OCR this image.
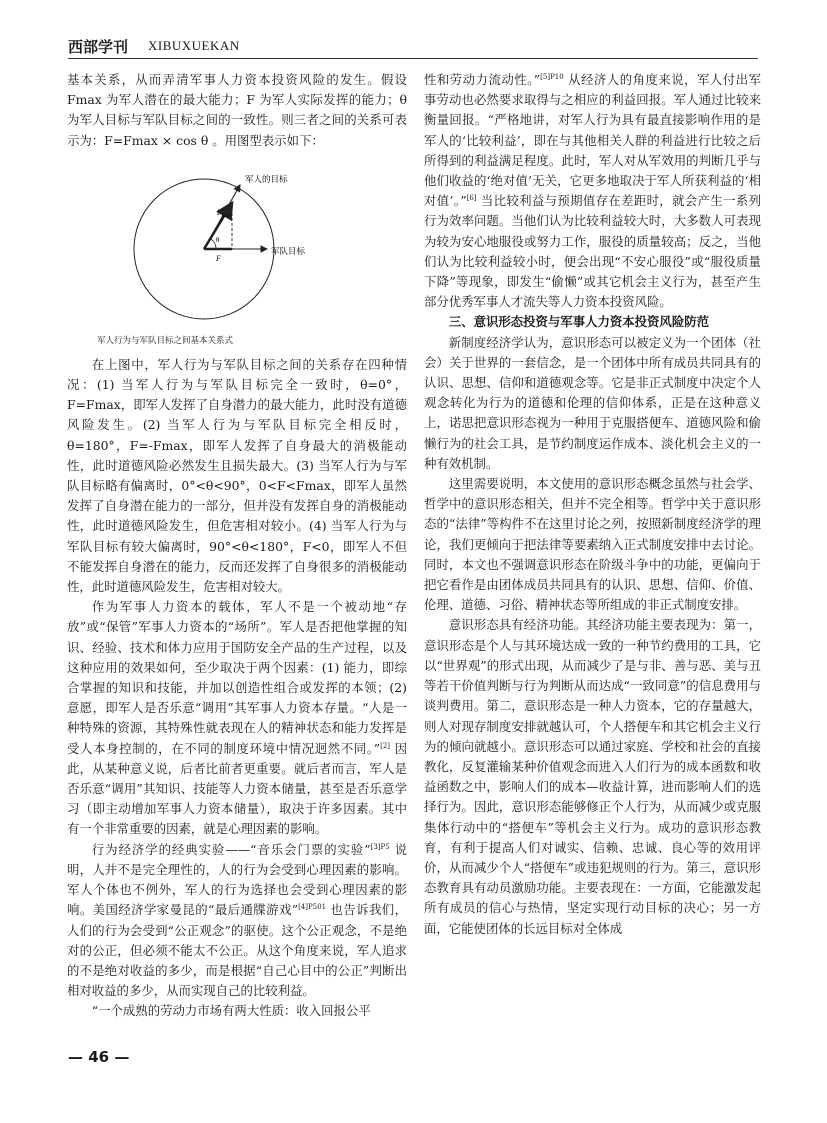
西部学刊 XIBUXUEKAN

基本关系，从而弄清军事人力资本投资风险的发生。假设 Fmax 为军人潜在的最大能力；F 为军人实际发挥的能力；θ 为军人目标与军队目标之间的一致性。则三者之间的关系可表示为：F=Fmax × cos θ 。用图型表示如下：

军人的目标
军队目标
$F_{max}$
θ
F
军人行为与军队目标之间基本关系式

在上图中，军人行为与军队目标之间的关系存在四种情况：(1) 当军人行为与军队目标完全一致时，θ=0°，F=Fmax，即军人发挥了自身潜力的最大能力，此时没有道德风险发生。(2) 当军人行为与军队目标完全相反时，θ=180°，F=-Fmax，即军人发挥了自身最大的消极能动性，此时道德风险必然发生且损失最大。(3) 当军人行为与军队目标略有偏离时，0°<θ<90°，0<F<Fmax，即军人虽然发挥了自身潜在能力的一部分，但并没有发挥自身的消极能动性，此时道德风险发生，但危害相对较小。(4) 当军人行为与军队目标有较大偏离时，90°<θ<180°，F<0，即军人不但不能发挥自身潜在的能力，反而还发挥了自身很多的消极能动性，此时道德风险发生，危害相对较大。

作为军事人力资本的载体，军人不是一个被动地“存放”或“保管”军事人力资本的“场所”。军人是否把他掌握的知识、经验、技术和体力应用于国防安全产品的生产过程，以及这种应用的效果如何，至少取决于两个因素：(1) 能力，即综合掌握的知识和技能，并加以创造性组合或发挥的本领；(2) 意愿，即军人是否乐意“调用”其军事人力资本存量。“人是一种特殊的资源，其特殊性就表现在人的精神状态和能力发挥是受人本身控制的，在不同的制度环境中情况迥然不同。”[2] 因此，从某种意义说，后者比前者更重要。就后者而言，军人是否乐意“调用”其知识、技能等人力资本储量，甚至是否乐意学习（即主动增加军事人力资本储量），取决于许多因素。其中有一个非常重要的因素，就是心理因素的影响。

行为经济学的经典实验——“音乐会门票的实验”$^{[3]P5}$ 说明，人并不是完全理性的，人的行为会受到心理因素的影响。军人个体也不例外，军人的行为选择也会受到心理因素的影响。美国经济学家曼昆的“最后通牒游戏”$^{[4]P501}$ 也告诉我们，人们的行为会受到“公正观念”的驱使。这个公正观念，不是绝对的公正，但必须不能太不公正。从这个角度来说，军人追求的不是绝对收益的多少，而是根据“自己心目中的公正”判断出相对收益的多少，从而实现自己的比较利益。

“一个成熟的劳动力市场有两大性质：收入回报公平

性和劳动力流动性。”$^{[5]P10}$ 从经济人的角度来说，军人付出军事劳动也必然要求取得与之相应的利益回报。军人通过比较来衡量回报。“严格地讲，对军人行为具有最直接影响作用的是军人的‘比较利益’，即在与其他相关人群的利益进行比较之后所得到的利益满足程度。此时，军人对从军效用的判断几乎与他们收益的‘绝对值’无关，它更多地取决于军人所获利益的‘相对值’。”[6] 当比较利益与预期值存在差距时，就会产生一系列行为效率问题。当他们认为比较利益较大时，大多数人可表现为较为安心地服役或努力工作，服役的质量较高；反之，当他们认为比较利益较小时，便会出现“不安心服役”或“服役质量下降”等现象，即发生“偷懒”或其它机会主义行为，甚至产生部分优秀军事人才流失等人力资本投资风险。

三、意识形态投资与军事人力资本投资风险防范

新制度经济学认为，意识形态可以被定义为一个团体（社会）关于世界的一套信念，是一个团体中所有成员共同具有的认识、思想、信仰和道德观念等。它是非正式制度中决定个人观念转化为行为的道德和伦理的信仰体系，正是在这种意义上，诺思把意识形态视为一种用于克服搭便车、道德风险和偷懒行为的社会工具，是节约制度运作成本、淡化机会主义的一种有效机制。

这里需要说明，本文使用的意识形态概念虽然与社会学、哲学中的意识形态相关，但并不完全相等。哲学中关于意识形态的“法律”等构件不在这里讨论之列，按照新制度经济学的理论，我们更倾向于把法律等要素纳入正式制度安排中去讨论。同时，本文也不强调意识形态在阶级斗争中的功能，更偏向于把它看作是由团体成员共同具有的认识、思想、信仰、价值、伦理、道德、习俗、精神状态等所组成的非正式制度安排。

意识形态具有经济功能。其经济功能主要表现为：第一，意识形态是个人与其环境达成一致的一种节约费用的工具，它以“世界观”的形式出现，从而减少了是与非、善与恶、美与丑等若干价值判断与行为判断从而达成“一致同意”的信息费用与谈判费用。第二，意识形态是一种人力资本，它的存量越大，则人对现存制度安排就越认可，个人搭便车和其它机会主义行为的倾向就越小。意识形态可以通过家庭、学校和社会的直接教化，反复灌输某种价值观念而进入人们行为的成本函数和收益函数之中，影响人们的成本—收益计算，进而影响人们的选择行为。因此，意识形态能够修正个人行为，从而减少或克服集体行动中的“搭便车”等机会主义行为。成功的意识形态教育，有利于提高人们对诚实、信赖、忠诚、良心等的效用评价，从而减少个人“搭便车”或违犯规则的行为。第三，意识形态教育具有动员激励功能。主要表现在：一方面，它能激发起所有成员的信心与热情，坚定实现行动目标的决心；另一方面，它能使团体的长远目标对全体成

— 46 —
